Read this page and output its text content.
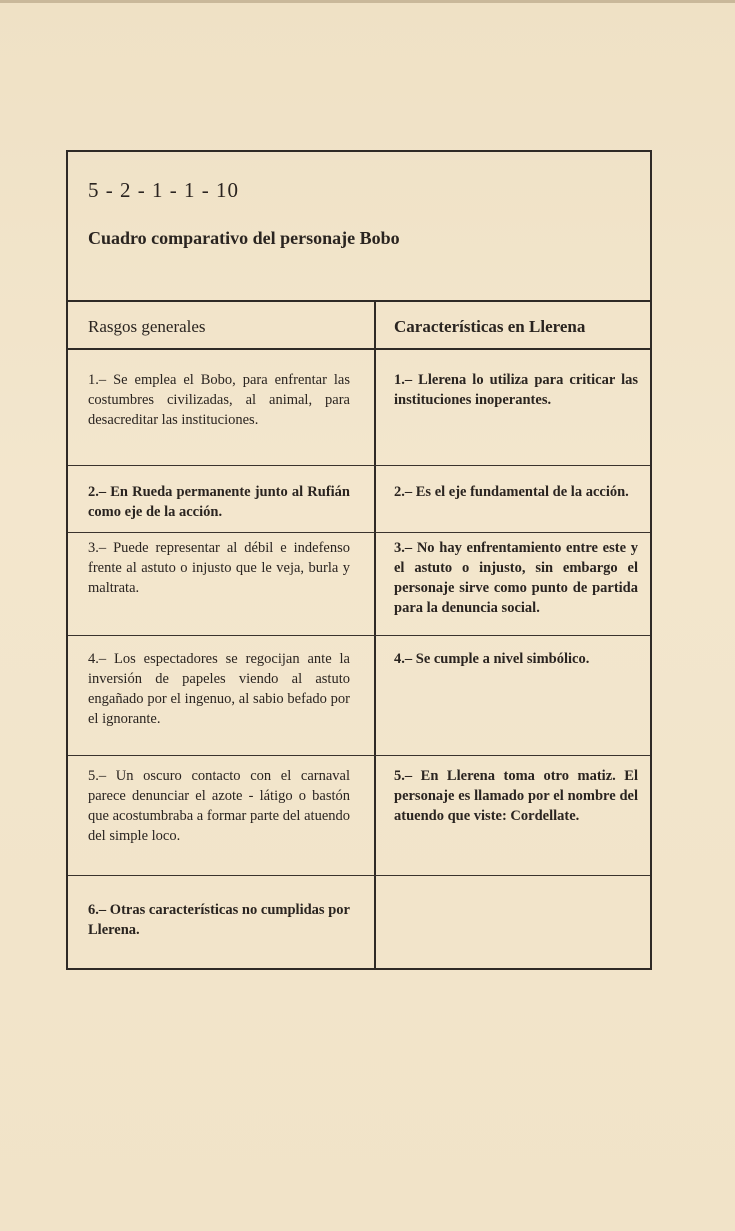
5 - 2 - 1 - 1 - 10
Cuadro comparativo del personaje Bobo
Rasgos generales	Características en Llerena
1.– Se emplea el Bobo, para enfrentar las costumbres civilizadas, al animal, para desacreditar las instituciones.
1.– Llerena lo utiliza para criticar las instituciones inoperantes.
2.– En Rueda permanente junto al Rufián como eje de la acción.
2.– Es el eje fundamental de la acción.
3.– Puede representar al débil e indefenso frente al astuto o injusto que le veja, burla y maltrata.
3.– No hay enfrentamiento entre este y el astuto o injusto, sin embargo el personaje sirve como punto de partida para la denuncia social.
4.– Los espectadores se regocijan ante la inversión de papeles viendo al astuto engañado por el ingenuo, al sabio befado por el ignorante.
4.– Se cumple a nivel simbólico.
5.– Un oscuro contacto con el carnaval parece denunciar el azote - látigo o bastón que acostumbraba a formar parte del atuendo del simple loco.
5.– En Llerena toma otro matiz. El personaje es llamado por el nombre del atuendo que viste: Cordellate.
6.– Otras características no cumplidas por Llerena.
